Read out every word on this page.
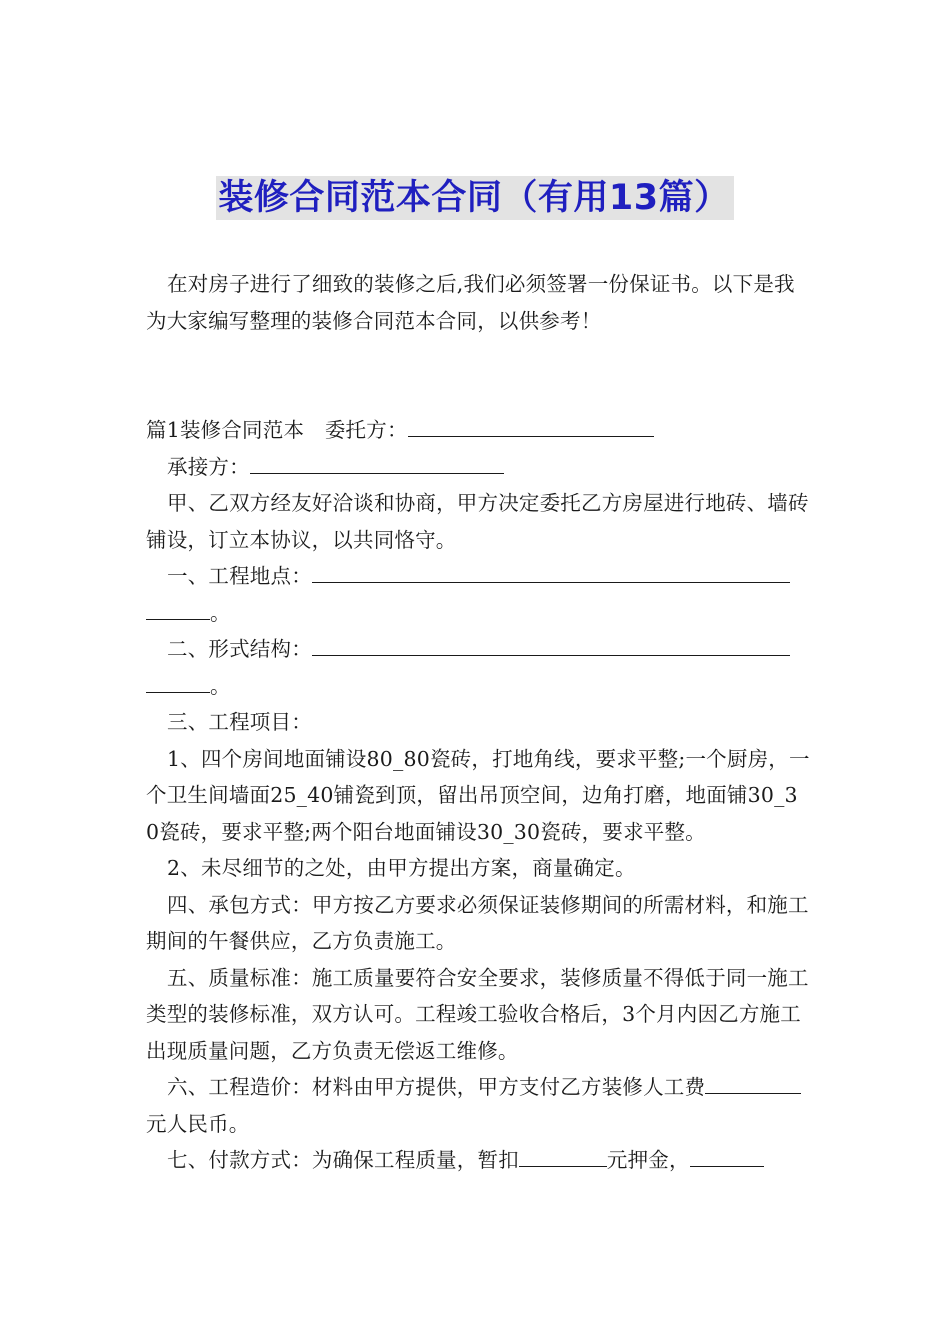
装修合同范本合同（有用13篇）

在对房子进行了细致的装修之后,我们必须签署一份保证书。以下是我为大家编写整理的装修合同范本合同，以供参考！

篇1装修合同范本　委托方：

承接方：

甲、乙双方经友好洽谈和协商，甲方决定委托乙方房屋进行地砖、墙砖铺设，订立本协议，以共同恪守。

一、工程地点：。

二、形式结构：。

三、工程项目：

1、四个房间地面铺设80_80瓷砖，打地角线，要求平整;一个厨房，一个卫生间墙面25_40铺瓷到顶，留出吊顶空间，边角打磨，地面铺30_30瓷砖，要求平整;两个阳台地面铺设30_30瓷砖，要求平整。

2、未尽细节的之处，由甲方提出方案，商量确定。

四、承包方式：甲方按乙方要求必须保证装修期间的所需材料，和施工期间的午餐供应，乙方负责施工。

五、质量标准：施工质量要符合安全要求，装修质量不得低于同一施工类型的装修标准，双方认可。工程竣工验收合格后，3个月内因乙方施工出现质量问题，乙方负责无偿返工维修。

六、工程造价：材料由甲方提供，甲方支付乙方装修人工费元人民币。

七、付款方式：为确保工程质量，暂扣	元押金，
